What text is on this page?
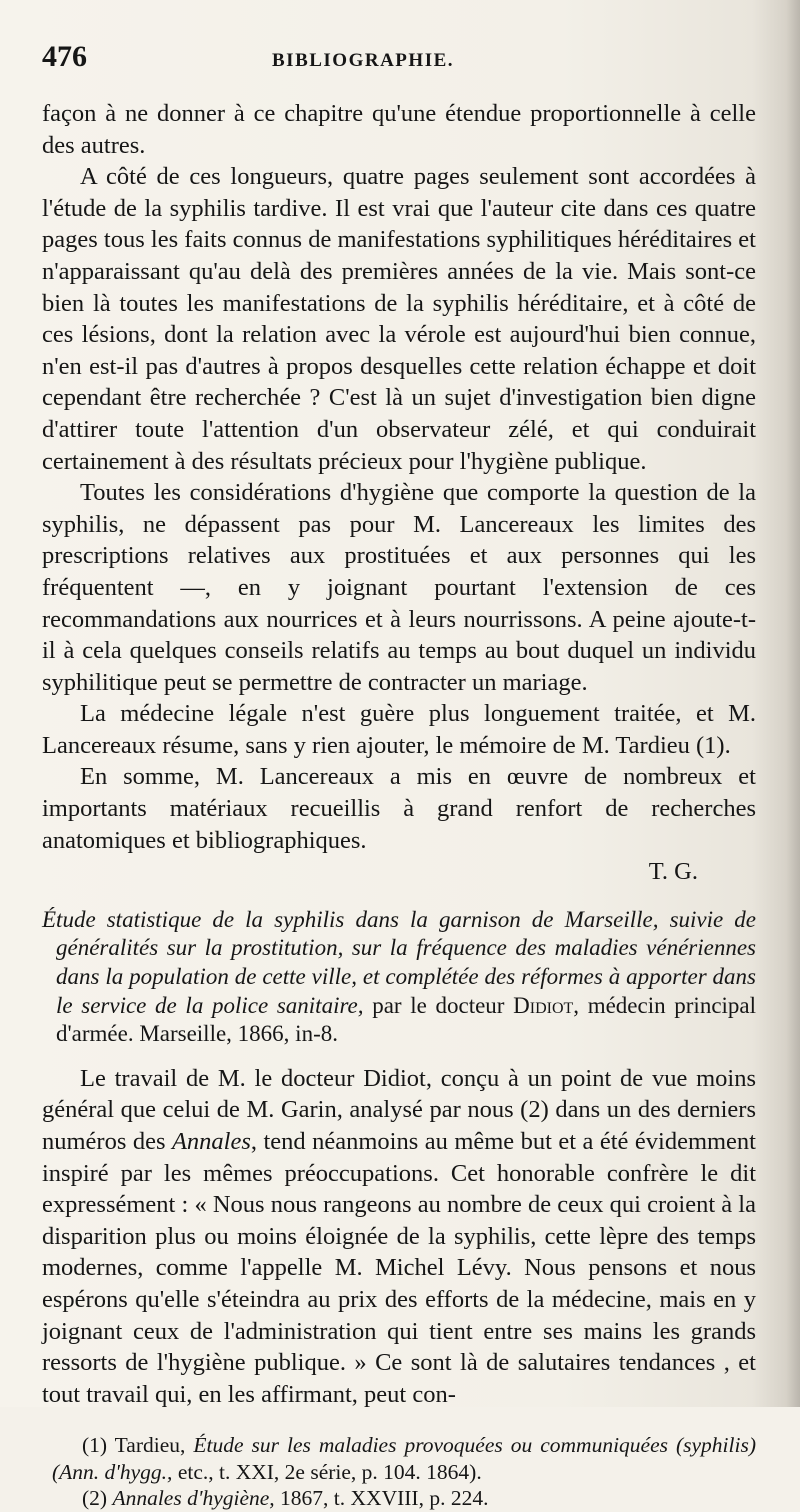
476	BIBLIOGRAPHIE.

façon à ne donner à ce chapitre qu'une étendue proportionnelle à celle des autres.

A côté de ces longueurs, quatre pages seulement sont accordées à l'étude de la syphilis tardive. Il est vrai que l'auteur cite dans ces quatre pages tous les faits connus de manifestations syphilitiques héréditaires et n'apparaissant qu'au delà des premières années de la vie. Mais sont-ce bien là toutes les manifestations de la syphilis héréditaire, et à côté de ces lésions, dont la relation avec la vérole est aujourd'hui bien connue, n'en est-il pas d'autres à propos desquelles cette relation échappe et doit cependant être recherchée ? C'est là un sujet d'investigation bien digne d'attirer toute l'attention d'un observateur zélé, et qui conduirait certainement à des résultats précieux pour l'hygiène publique.

Toutes les considérations d'hygiène que comporte la question de la syphilis, ne dépassent pas pour M. Lancereaux les limites des prescriptions relatives aux prostituées et aux personnes qui les fréquentent —, en y joignant pourtant l'extension de ces recommandations aux nourrices et à leurs nourrissons. A peine ajoute-t-il à cela quelques conseils relatifs au temps au bout duquel un individu syphilitique peut se permettre de contracter un mariage.

La médecine légale n'est guère plus longuement traitée, et M. Lancereaux résume, sans y rien ajouter, le mémoire de M. Tardieu (1).

En somme, M. Lancereaux a mis en œuvre de nombreux et importants matériaux recueillis à grand renfort de recherches anatomiques et bibliographiques.

T. G.
Étude statistique de la syphilis dans la garnison de Marseille, suivie de généralités sur la prostitution, sur la fréquence des maladies vénériennes dans la population de cette ville, et complétée des réformes à apporter dans le service de la police sanitaire, par le docteur Didiot, médecin principal d'armée. Marseille, 1866, in-8.

Le travail de M. le docteur Didiot, conçu à un point de vue moins général que celui de M. Garin, analysé par nous (2) dans un des derniers numéros des Annales, tend néanmoins au même but et a été évidemment inspiré par les mêmes préoccupations. Cet honorable confrère le dit expressément : « Nous nous rangeons au nombre de ceux qui croient à la disparition plus ou moins éloignée de la syphilis, cette lèpre des temps modernes, comme l'appelle M. Michel Lévy. Nous pensons et nous espérons qu'elle s'éteindra au prix des efforts de la médecine, mais en y joignant ceux de l'administration qui tient entre ses mains les grands ressorts de l'hygiène publique. » Ce sont là de salutaires tendances , et tout travail qui, en les affirmant, peut con-

(1) Tardieu, Étude sur les maladies provoquées ou communiquées (syphilis) (Ann. d'hygg., etc., t. XXI, 2e série, p. 104. 1864).

(2) Annales d'hygiène, 1867, t. XXVIII, p. 224.
